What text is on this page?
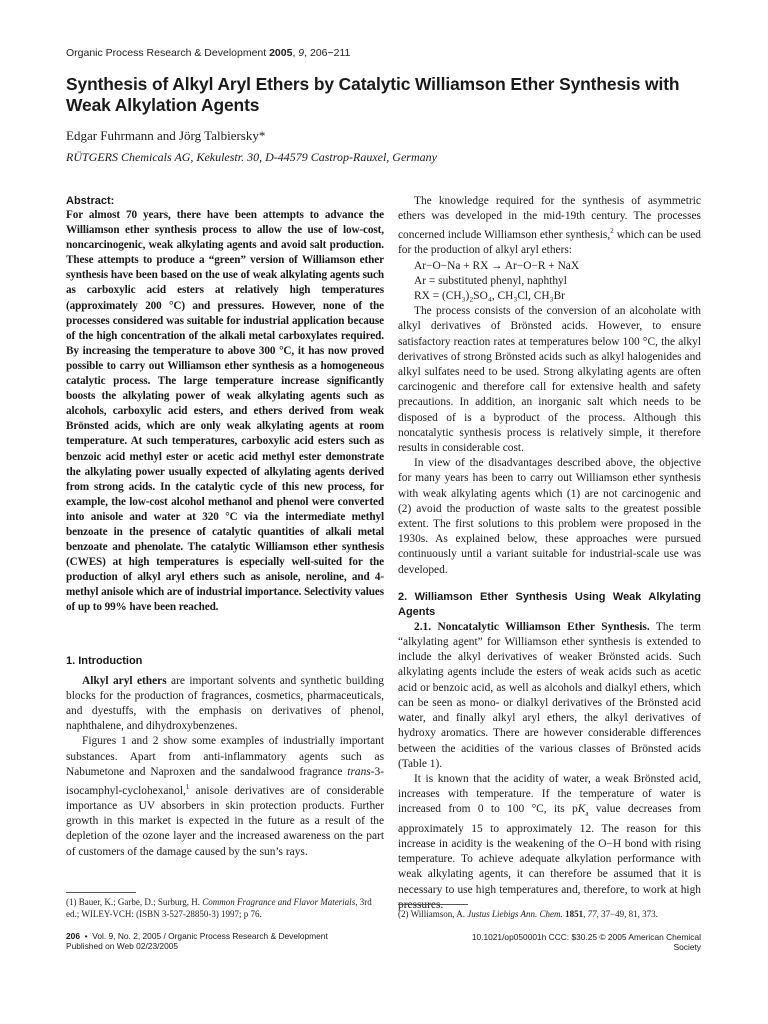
Organic Process Research & Development 2005, 9, 206−211
Synthesis of Alkyl Aryl Ethers by Catalytic Williamson Ether Synthesis with Weak Alkylation Agents
Edgar Fuhrmann and Jörg Talbiersky*
RÜTGERS Chemicals AG, Kekulestr. 30, D-44579 Castrop-Rauxel, Germany
Abstract:
For almost 70 years, there have been attempts to advance the Williamson ether synthesis process to allow the use of low-cost, noncarcinogenic, weak alkylating agents and avoid salt production. These attempts to produce a “green” version of Williamson ether synthesis have been based on the use of weak alkylating agents such as carboxylic acid esters at relatively high temperatures (approximately 200 °C) and pressures. However, none of the processes considered was suitable for industrial application because of the high concentration of the alkali metal carboxylates required. By increasing the temperature to above 300 °C, it has now proved possible to carry out Williamson ether synthesis as a homogeneous catalytic process. The large temperature increase significantly boosts the alkylating power of weak alkylating agents such as alcohols, carboxylic acid esters, and ethers derived from weak Brönsted acids, which are only weak alkylating agents at room temperature. At such temperatures, carboxylic acid esters such as benzoic acid methyl ester or acetic acid methyl ester demonstrate the alkylating power usually expected of alkylating agents derived from strong acids. In the catalytic cycle of this new process, for example, the low-cost alcohol methanol and phenol were converted into anisole and water at 320 °C via the intermediate methyl benzoate in the presence of catalytic quantities of alkali metal benzoate and phenolate. The catalytic Williamson ether synthesis (CWES) at high temperatures is especially well-suited for the production of alkyl aryl ethers such as anisole, neroline, and 4-methyl anisole which are of industrial importance. Selectivity values of up to 99% have been reached.
1. Introduction

Alkyl aryl ethers are important solvents and synthetic building blocks for the production of fragrances, cosmetics, pharmaceuticals, and dyestuffs, with the emphasis on derivatives of phenol, naphthalene, and dihydroxybenzenes.

Figures 1 and 2 show some examples of industrially important substances. Apart from anti-inflammatory agents such as Nabumetone and Naproxen and the sandalwood fragrance trans-3-isocamphyl-cyclohexanol,$^1$ anisole derivatives are of considerable importance as UV absorbers in skin protection products. Further growth in this market is expected in the future as a result of the depletion of the ozone layer and the increased awareness on the part of customers of the damage caused by the sun’s rays.

The knowledge required for the synthesis of asymmetric ethers was developed in the mid-19th century. The processes concerned include Williamson ether synthesis,$^2$ which can be used for the production of alkyl aryl ethers:

Ar−O−Na + RX → Ar−O−R + NaX
Ar = substituted phenyl, naphthyl
RX = (CH₃)₂SO₄, CH₃Cl, CH₃Br

The process consists of the conversion of an alcoholate with alkyl derivatives of Brönsted acids. However, to ensure satisfactory reaction rates at temperatures below 100 °C, the alkyl derivatives of strong Brönsted acids such as alkyl halogenides and alkyl sulfates need to be used. Strong alkylating agents are often carcinogenic and therefore call for extensive health and safety precautions. In addition, an inorganic salt which needs to be disposed of is a byproduct of the process. Although this noncatalytic synthesis process is relatively simple, it therefore results in considerable cost.

In view of the disadvantages described above, the objective for many years has been to carry out Williamson ether synthesis with weak alkylating agents which (1) are not carcinogenic and (2) avoid the production of waste salts to the greatest possible extent. The first solutions to this problem were proposed in the 1930s. As explained below, these approaches were pursued continuously until a variant suitable for industrial-scale use was developed.

2. Williamson Ether Synthesis Using Weak Alkylating Agents

2.1. Noncatalytic Williamson Ether Synthesis. The term “alkylating agent” for Williamson ether synthesis is extended to include the alkyl derivatives of weaker Brönsted acids. Such alkylating agents include the esters of weak acids such as acetic acid or benzoic acid, as well as alcohols and dialkyl ethers, which can be seen as mono- or dialkyl derivatives of the Brönsted acid water, and finally alkyl aryl ethers, the alkyl derivatives of hydroxy aromatics. There are however considerable differences between the acidities of the various classes of Brönsted acids (Table 1).

It is known that the acidity of water, a weak Brönsted acid, increases with temperature. If the temperature of water is increased from 0 to 100 °C, its $pK_a$ value decreases from approximately 15 to approximately 12. The reason for this increase in acidity is the weakening of the O−H bond with rising temperature. To achieve adequate alkylation performance with weak alkylating agents, it can therefore be assumed that it is necessary to use high temperatures and, therefore, to work at high pressures.

(1) Bauer, K.; Garbe, D.; Surburg, H. Common Fragrance and Flavor Materials, 3rd ed.; WILEY-VCH: (ISBN 3-527-28850-3) 1997; p 76.	(2) Williamson, A. Justus Liebigs Ann. Chem. 1851, 77, 37−49, 81, 373.
206 • Vol. 9, No. 2, 2005 / Organic Process Research & Development
Published on Web 02/23/2005
10.1021/op050001h CCC: $30.25 © 2005 American Chemical Society
